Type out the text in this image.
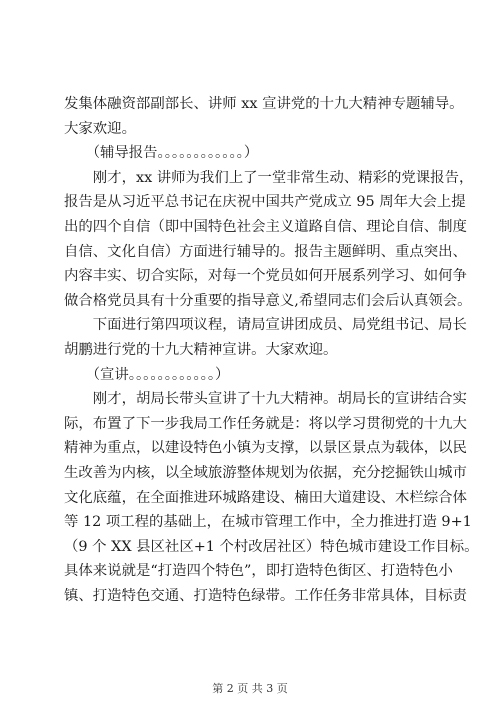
发集体融资部副部长、讲师 xx 宣讲党的十九大精神专题辅导。
大家欢迎。
　　（辅导报告。。。。。。。。。。。。）
　　刚才，xx 讲师为我们上了一堂非常生动、精彩的党课报告，
报告是从习近平总书记在庆祝中国共产党成立 95 周年大会上提
出的四个自信（即中国特色社会主义道路自信、理论自信、制度
自信、文化自信）方面进行辅导的。报告主题鲜明、重点突出、
内容丰实、切合实际，对每一个党员如何开展系列学习、如何争
做合格党员具有十分重要的指导意义,希望同志们会后认真领会。
　　下面进行第四项议程，请局宣讲团成员、局党组书记、局长
胡鹏进行党的十九大精神宣讲。大家欢迎。
　　（宣讲。。。。。。。。。。。。）
　　刚才，胡局长带头宣讲了十九大精神。胡局长的宣讲结合实
际，布置了下一步我局工作任务就是：将以学习贯彻党的十九大
精神为重点，以建设特色小镇为支撑，以景区景点为载体，以民
生改善为内核，以全域旅游整体规划为依据，充分挖掘铁山城市
文化底蕴，在全面推进环城路建设、楠田大道建设、木栏综合体
等 12 项工程的基础上，在城市管理工作中，全力推进打造 9+1
（9 个 XX 县区社区+1 个村改居社区）特色城市建设工作目标。
具体来说就是“打造四个特色”，即打造特色街区、打造特色小
镇、打造特色交通、打造特色绿带。工作任务非常具体，目标责
第 2 页 共 3 页
